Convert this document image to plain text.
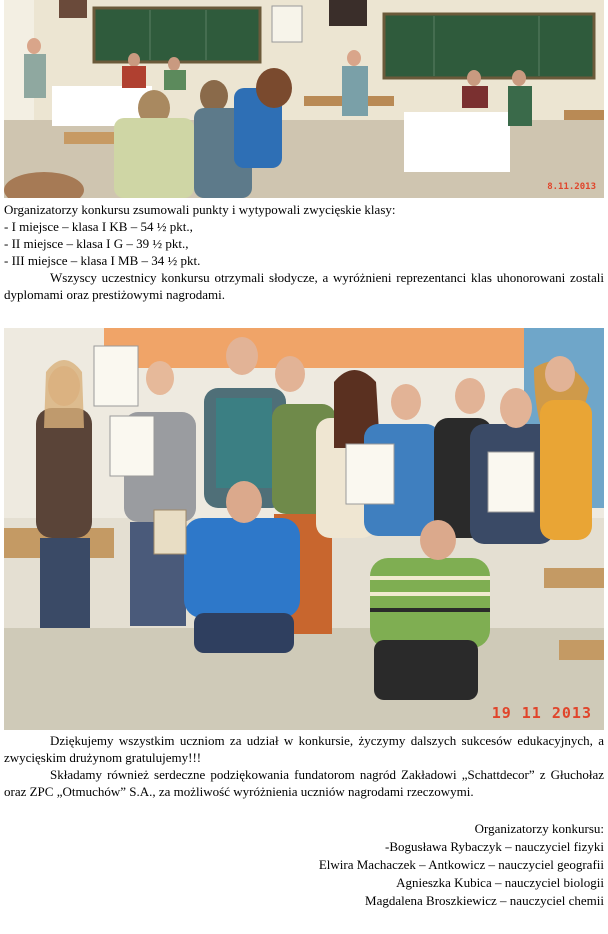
8.11.2013
Organizatorzy konkursu zsumowali punkty i wytypowali zwycięskie klasy:
- I miejsce – klasa I KB – 54 ½ pkt.,
- II miejsce – klasa I G – 39 ½ pkt.,
- III miejsce – klasa I MB – 34 ½ pkt.
Wszyscy uczestnicy konkursu otrzymali słodycze, a wyróżnieni reprezentanci klas uhonorowani zostali dyplomami oraz prestiżowymi nagrodami.
19 11 2013
Dziękujemy wszystkim uczniom za udział w konkursie, życzymy dalszych sukcesów edukacyjnych, a zwycięskim drużynom gratulujemy!!!
Składamy również serdeczne podziękowania fundatorom nagród Zakładowi „Schattdecor” z Głuchołaz oraz ZPC „Otmuchów” S.A., za możliwość wyróżnienia uczniów nagrodami rzeczowymi.
Organizatorzy konkursu:
-Bogusława Rybaczyk – nauczyciel fizyki
Elwira Machaczek – Antkowicz – nauczyciel geografii
Agnieszka Kubica – nauczyciel biologii
Magdalena Broszkiewicz – nauczyciel chemii
